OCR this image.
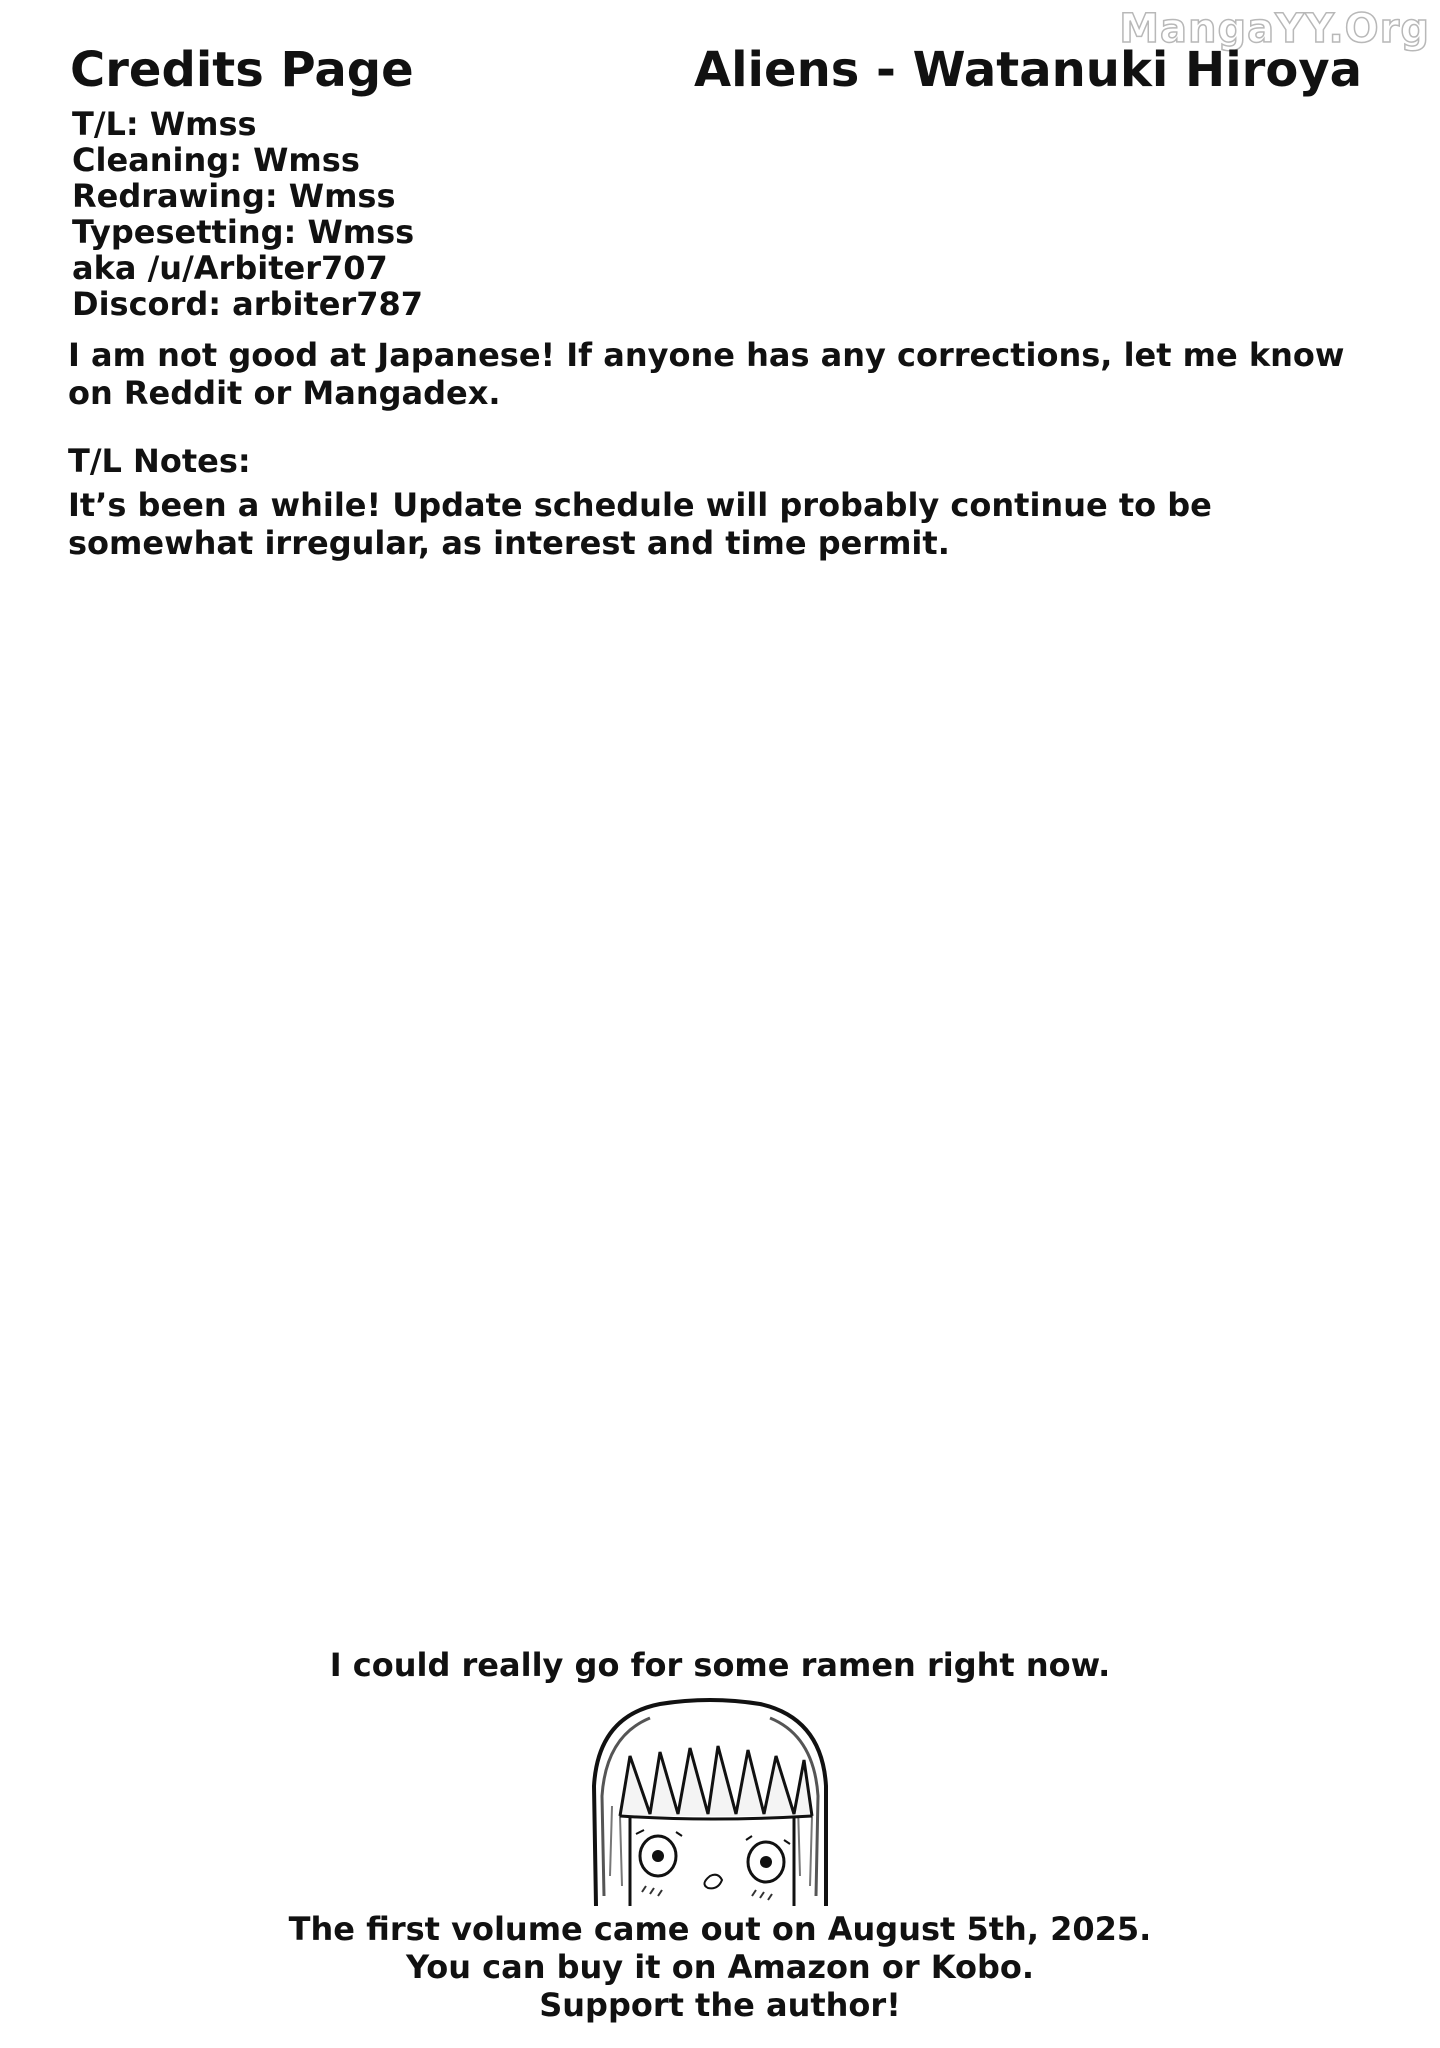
MangaYY.Org
Credits Page	Aliens - Watanuki Hiroya
T/L: Wmss
Cleaning: Wmss
Redrawing: Wmss
Typesetting: Wmss
aka /u/Arbiter707
Discord: arbiter787

I am not good at Japanese! If anyone has any corrections, let me know on Reddit or Mangadex.

T/L Notes:

It’s been a while! Update schedule will probably continue to be somewhat irregular, as interest and time permit.

I could really go for some ramen right now.

The first volume came out on August 5th, 2025.
You can buy it on Amazon or Kobo.
Support the author!
